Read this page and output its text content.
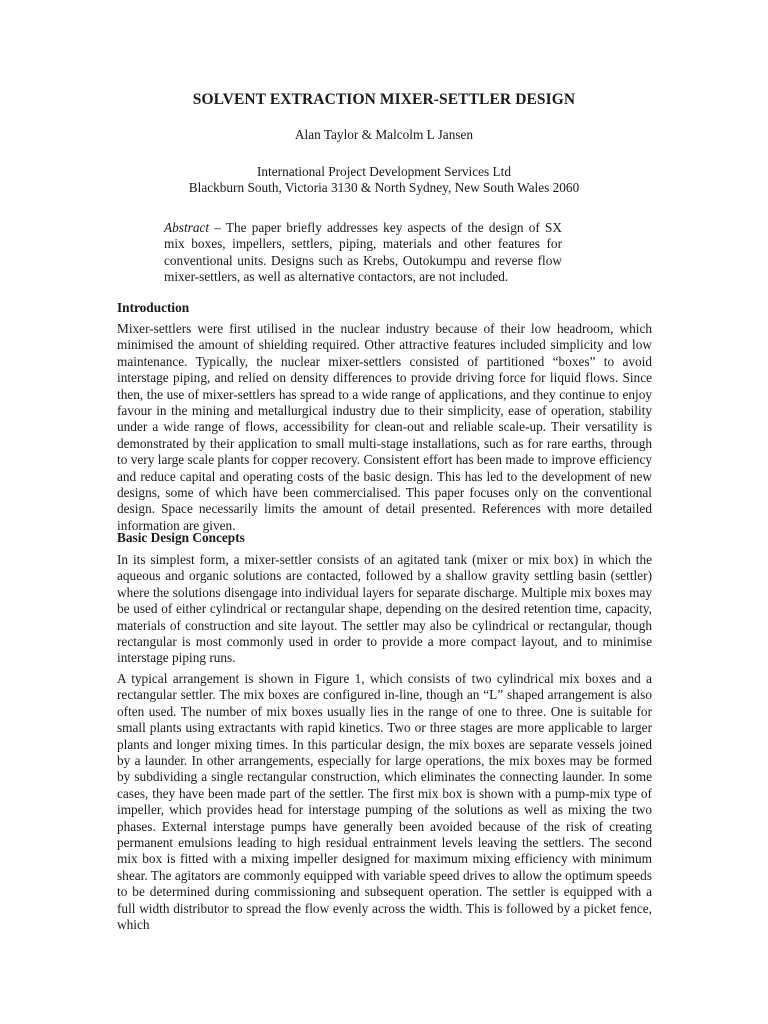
SOLVENT EXTRACTION MIXER-SETTLER DESIGN
Alan Taylor & Malcolm L Jansen
International Project Development Services Ltd
Blackburn South, Victoria 3130 & North Sydney, New South Wales 2060

Abstract – The paper briefly addresses key aspects of the design of SX mix boxes, impellers, settlers, piping, materials and other features for conventional units. Designs such as Krebs, Outokumpu and reverse flow mixer-settlers, as well as alternative contactors, are not included.

Introduction

Mixer-settlers were first utilised in the nuclear industry because of their low headroom, which minimised the amount of shielding required. Other attractive features included simplicity and low maintenance. Typically, the nuclear mixer-settlers consisted of partitioned “boxes” to avoid interstage piping, and relied on density differences to provide driving force for liquid flows. Since then, the use of mixer-settlers has spread to a wide range of applications, and they continue to enjoy favour in the mining and metallurgical industry due to their simplicity, ease of operation, stability under a wide range of flows, accessibility for clean-out and reliable scale-up. Their versatility is demonstrated by their application to small multi-stage installations, such as for rare earths, through to very large scale plants for copper recovery. Consistent effort has been made to improve efficiency and reduce capital and operating costs of the basic design. This has led to the development of new designs, some of which have been commercialised. This paper focuses only on the conventional design. Space necessarily limits the amount of detail presented. References with more detailed information are given.

Basic Design Concepts

In its simplest form, a mixer-settler consists of an agitated tank (mixer or mix box) in which the aqueous and organic solutions are contacted, followed by a shallow gravity settling basin (settler) where the solutions disengage into individual layers for separate discharge. Multiple mix boxes may be used of either cylindrical or rectangular shape, depending on the desired retention time, capacity, materials of construction and site layout. The settler may also be cylindrical or rectangular, though rectangular is most commonly used in order to provide a more compact layout, and to minimise interstage piping runs.

A typical arrangement is shown in Figure 1, which consists of two cylindrical mix boxes and a rectangular settler. The mix boxes are configured in-line, though an “L” shaped arrangement is also often used. The number of mix boxes usually lies in the range of one to three. One is suitable for small plants using extractants with rapid kinetics. Two or three stages are more applicable to larger plants and longer mixing times. In this particular design, the mix boxes are separate vessels joined by a launder. In other arrangements, especially for large operations, the mix boxes may be formed by subdividing a single rectangular construction, which eliminates the connecting launder. In some cases, they have been made part of the settler. The first mix box is shown with a pump-mix type of impeller, which provides head for interstage pumping of the solutions as well as mixing the two phases. External interstage pumps have generally been avoided because of the risk of creating permanent emulsions leading to high residual entrainment levels leaving the settlers. The second mix box is fitted with a mixing impeller designed for maximum mixing efficiency with minimum shear. The agitators are commonly equipped with variable speed drives to allow the optimum speeds to be determined during commissioning and subsequent operation. The settler is equipped with a full width distributor to spread the flow evenly across the width. This is followed by a picket fence, which
